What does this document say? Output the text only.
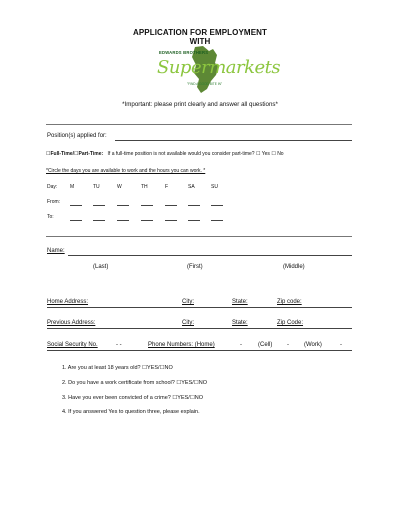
APPLICATION FOR EMPLOYMENT
WITH
EDWARDS BROTHERS
Supermarkets
"FIND A GOOD BITE IN"
*Important: please print clearly and answer all questions*
Position(s) applied for:
☐Full-Time/☐Part-Time: If a full-time position is not available would you consider part-time? ☐ Yes ☐ No
*Circle the days you are available to work and the hours you can work. *
Day:	M	TU	W	TH	F	SA	SU
From:
To:
Name:
(Last)	(First)	(Middle)
Home Address:	City:	State:	Zip code:
Previous Address:	City:	State:	Zip Code:
Social Security No.	- -	Phone Numbers: (Home)	-	(Cell) -	(Work)	-
1. Are you at least 18 years old? ☐YES/☐NO
2. Do you have a work certificate from school? ☐YES/☐NO
3. Have you ever been convicted of a crime? ☐YES/☐NO
4. If you answered Yes to question three, please explain.
